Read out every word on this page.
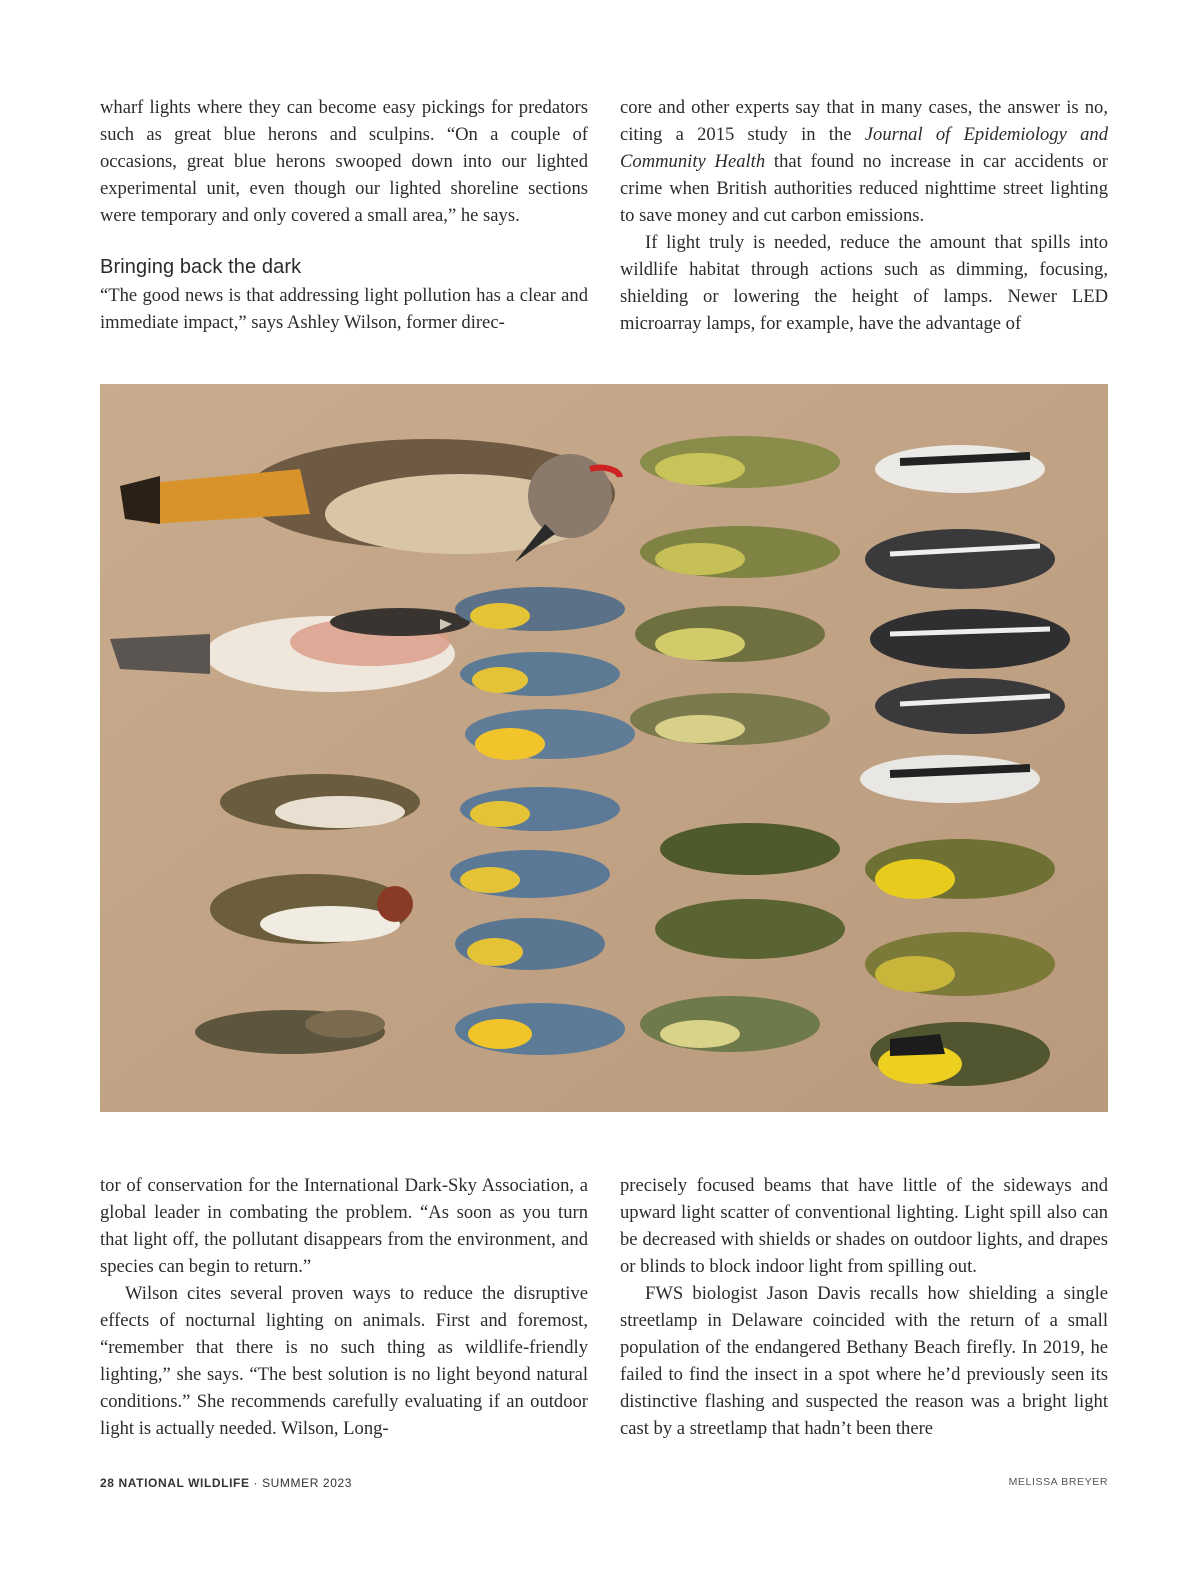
wharf lights where they can become easy pickings for predators such as great blue herons and sculpins. “On a couple of occasions, great blue herons swooped down into our lighted experimental unit, even though our lighted shoreline sections were temporary and only covered a small area,” he says.

Bringing back the dark

“The good news is that addressing light pollution has a clear and immediate impact,” says Ashley Wilson, former direc-

core and other experts say that in many cases, the answer is no, citing a 2015 study in the Journal of Epidemiology and Community Health that found no increase in car accidents or crime when British authorities reduced nighttime street lighting to save money and cut carbon emissions.

If light truly is needed, reduce the amount that spills into wildlife habitat through actions such as dimming, focusing, shielding or lowering the height of lamps. Newer LED microarray lamps, for example, have the advantage of

tor of conservation for the International Dark-Sky Association, a global leader in combating the problem. “As soon as you turn that light off, the pollutant disappears from the environment, and species can begin to return.”

Wilson cites several proven ways to reduce the disruptive effects of nocturnal lighting on animals. First and foremost, “remember that there is no such thing as wildlife-friendly lighting,” she says. “The best solution is no light beyond natural conditions.” She recommends carefully evaluating if an outdoor light is actually needed. Wilson, Long-

precisely focused beams that have little of the sideways and upward light scatter of conventional lighting. Light spill also can be decreased with shields or shades on outdoor lights, and drapes or blinds to block indoor light from spilling out.

FWS biologist Jason Davis recalls how shielding a single streetlamp in Delaware coincided with the return of a small population of the endangered Bethany Beach firefly. In 2019, he failed to find the insect in a spot where he’d previously seen its distinctive flashing and suspected the reason was a bright light cast by a streetlamp that hadn’t been there

28 NATIONAL WILDLIFE · SUMMER 2023	MELISSA BREYER
